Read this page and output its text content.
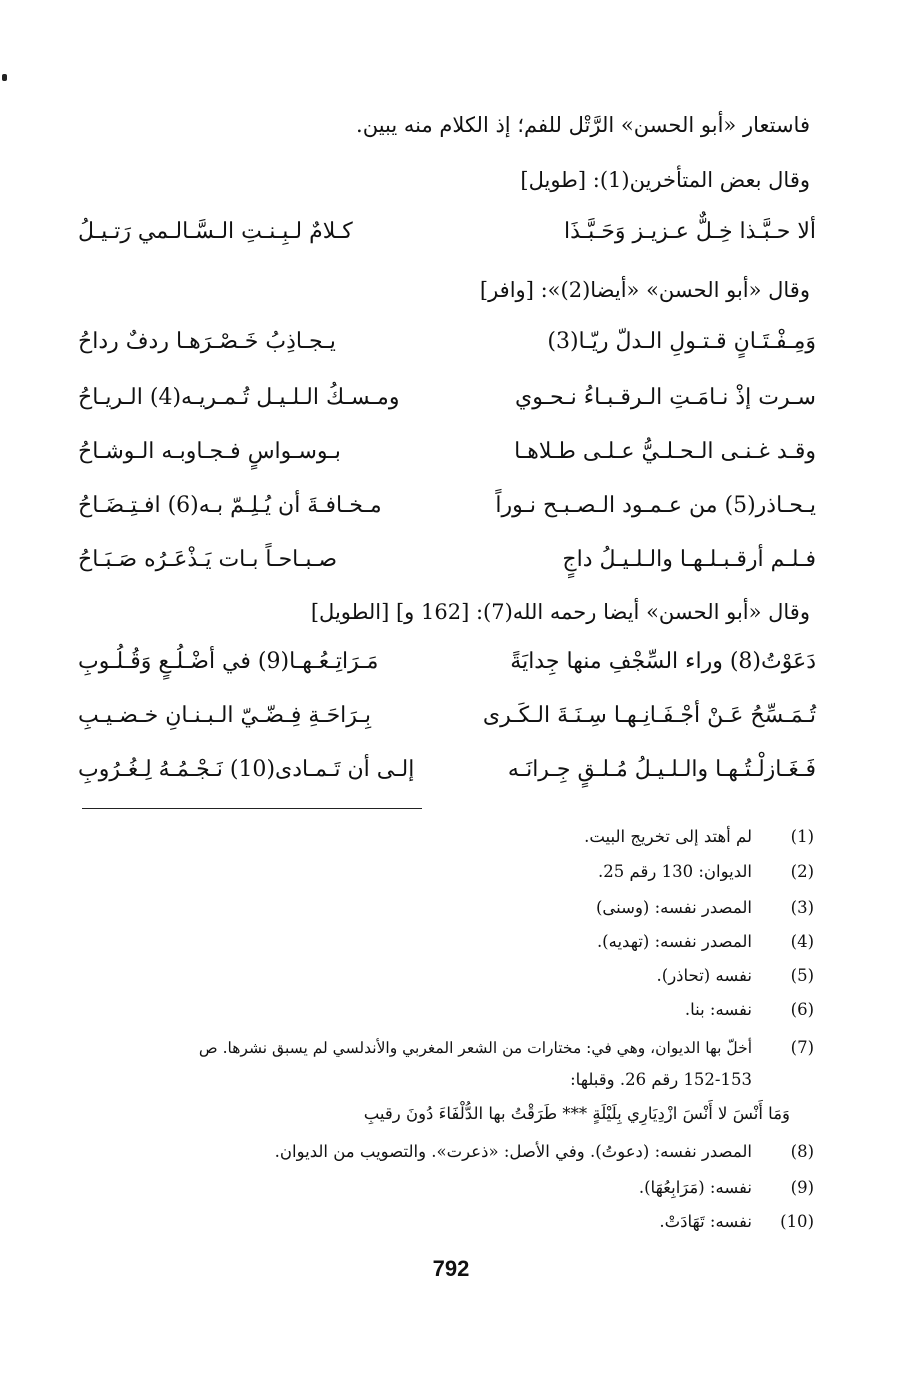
فاستعار «أبو الحسن» الرَّتْل للفم؛ إذ الكلام منه يبين.
وقال بعض المتأخرين(1): [طويل]
ألا حـبَّـذا خِـلٌّ عـزيـز وَحَـبَّـذَا
كـلامٌ لـبِـنـتِ الـسَّـالـمي رَتـيـلُ
وقال «أبو الحسن» «أيضا(2)»: [وافر]
وَمِـفْـتَـانٍ قـتـولِ الـدلّ ريّـا(3)
يـجـاذِبُ خَـصْـرَهـا ردفٌ رداحُ
سـرت إذْ نـامَـتِ الـرقـبـاءُ نـحـوي
ومـسـكُ الـلـيـل تُـمـريـه(4) الـريـاحُ
وقـد غـنـى الـحـلـيُّ عـلـى طـلاهـا
بـوسـواسٍ فـجـاوبـه الـوشـاحُ
يـحـاذر(5) من عـمـود الـصـبـح نـوراً
مـخـافـةَ أن يُـلِـمّ بـه(6) افـتِـضَـاحُ
فـلـم أرقـبـلـهـا والـلـيـلُ داجٍ
صـبـاحـاً بـات يَـذْعَـرُه صَـبَـاحُ
وقال «أبو الحسن» أيضا رحمه الله(7): [162 و] [الطويل]
دَعَوْتُ(8) وراء السِّجْفِ منها جِدايَةً
مَـرَاتِـعُـهـا(9) في أضْـلُـعٍ وَقُـلُـوبِ
تُـمَـسِّحُ عَـنْ أجْـفَـانِـهـا سِـنَـةَ الـكَـرى
بِـرَاحَـةِ فِـضّـيّ الـبـنـانِ خـضـيـبِ
فَـغَـازلْـتُـهـا والـلـيـلُ مُـلـقٍ جِـرانَـه
إلـى أن تَـمـادى(10) نَـجْـمُـهُ لِـغُـرُوبِ
(1)
لم أهتد إلى تخريج البيت.
(2)
الديوان: 130 رقم 25.
(3)
المصدر نفسه: (وسنى)
(4)
المصدر نفسه: (تهديه).
(5)
نفسه (تحاذر).
(6)
نفسه: بنا.
(7)
أخلّ بها الديوان، وهي في: مختارات من الشعر المغربي والأندلسي لم يسبق نشرها. ص
152-153 رقم 26. وقبلها:
وَمَا أَنْسَ لا أَنْسَ ازْدِيَارِي بِلَيْلَةٍ *** طَرَقْتُ بها الدُّلْفَاءَ دُونَ رقيبِ
(8)
المصدر نفسه: (دعوتُ). وفي الأصل: «ذعرت». والتصويب من الديوان.
(9)
نفسه: (مَرَابِعُهَا).
(10)
نفسه: تَهَادَتْ.
792
